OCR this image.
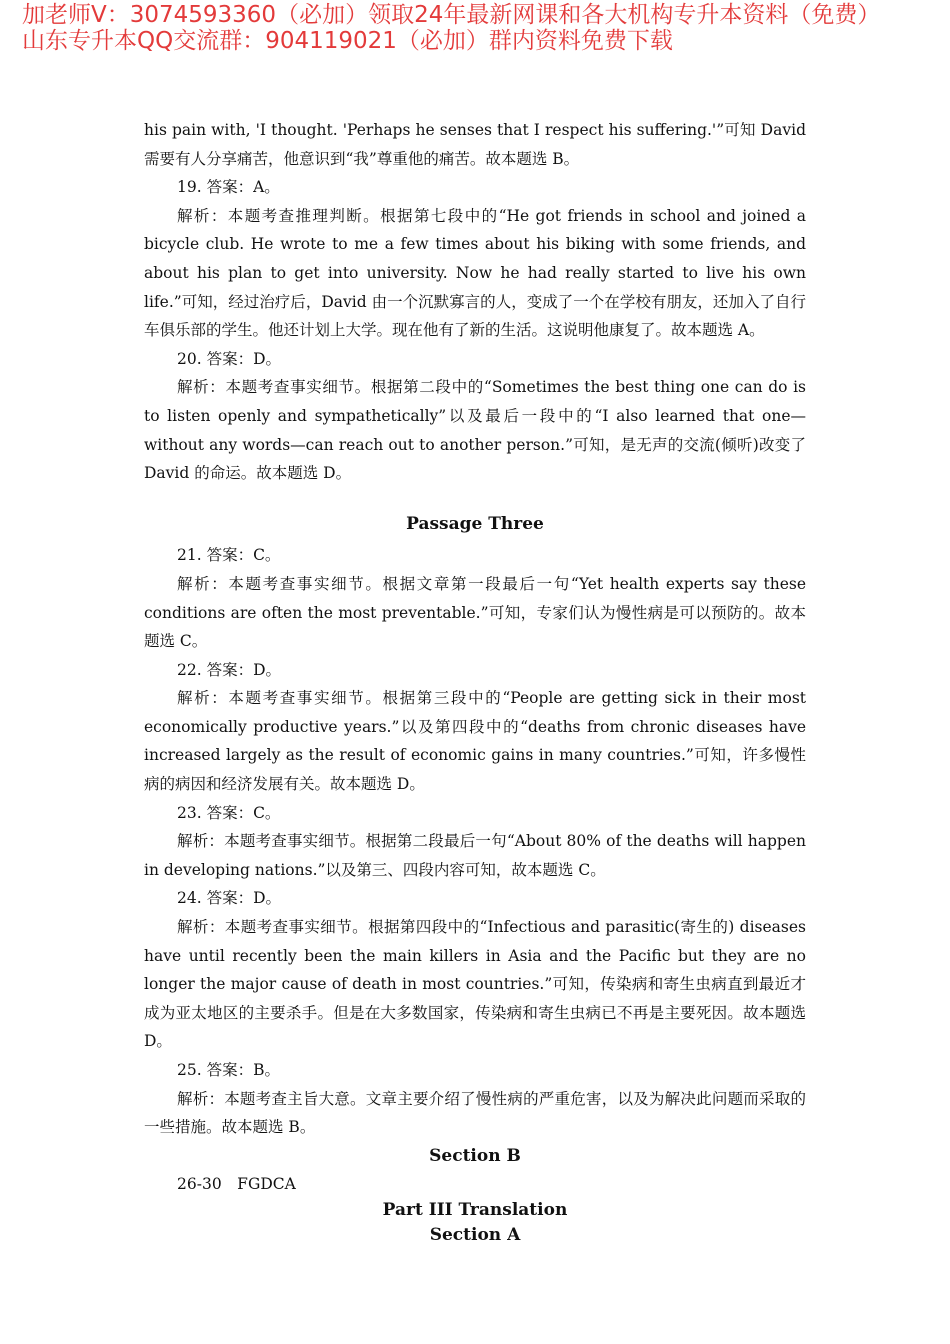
加老师V：3074593360（必加）领取24年最新网课和各大机构专升本资料（免费）
山东专升本QQ交流群：904119021（必加）群内资料免费下载

his pain with, 'I thought. 'Perhaps he senses that I respect his suffering.'”可知 David 需要有人分享痛苦，他意识到“我”尊重他的痛苦。故本题选 B。

19. 答案：A。

解析：本题考查推理判断。根据第七段中的“He got friends in school and joined a bicycle club. He wrote to me a few times about his biking with some friends, and about his plan to get into university. Now he had really started to live his own life.”可知，经过治疗后，David 由一个沉默寡言的人，变成了一个在学校有朋友，还加入了自行车俱乐部的学生。他还计划上大学。现在他有了新的生活。这说明他康复了。故本题选 A。

20. 答案：D。

解析：本题考查事实细节。根据第二段中的“Sometimes the best thing one can do is to listen openly and sympathetically”以及最后一段中的“I also learned that one—without any words—can reach out to another person.”可知，是无声的交流(倾听)改变了 David 的命运。故本题选 D。

Passage Three

21. 答案：C。

解析：本题考查事实细节。根据文章第一段最后一句“Yet health experts say these conditions are often the most preventable.”可知，专家们认为慢性病是可以预防的。故本题选 C。

22. 答案：D。

解析：本题考查事实细节。根据第三段中的“People are getting sick in their most economically productive years.”以及第四段中的“deaths from chronic diseases have increased largely as the result of economic gains in many countries.”可知，许多慢性病的病因和经济发展有关。故本题选 D。

23. 答案：C。

解析：本题考查事实细节。根据第二段最后一句“About 80% of the deaths will happen in developing nations.”以及第三、四段内容可知，故本题选 C。

24. 答案：D。

解析：本题考查事实细节。根据第四段中的“Infectious and parasitic(寄生的) diseases have until recently been the main killers in Asia and the Pacific but they are no longer the major cause of death in most countries.”可知，传染病和寄生虫病直到最近才成为亚太地区的主要杀手。但是在大多数国家，传染病和寄生虫病已不再是主要死因。故本题选 D。

25. 答案：B。

解析：本题考查主旨大意。文章主要介绍了慢性病的严重危害，以及为解决此问题而采取的一些措施。故本题选 B。

Section B

26-30　FGDCA

Part III Translation

Section A
